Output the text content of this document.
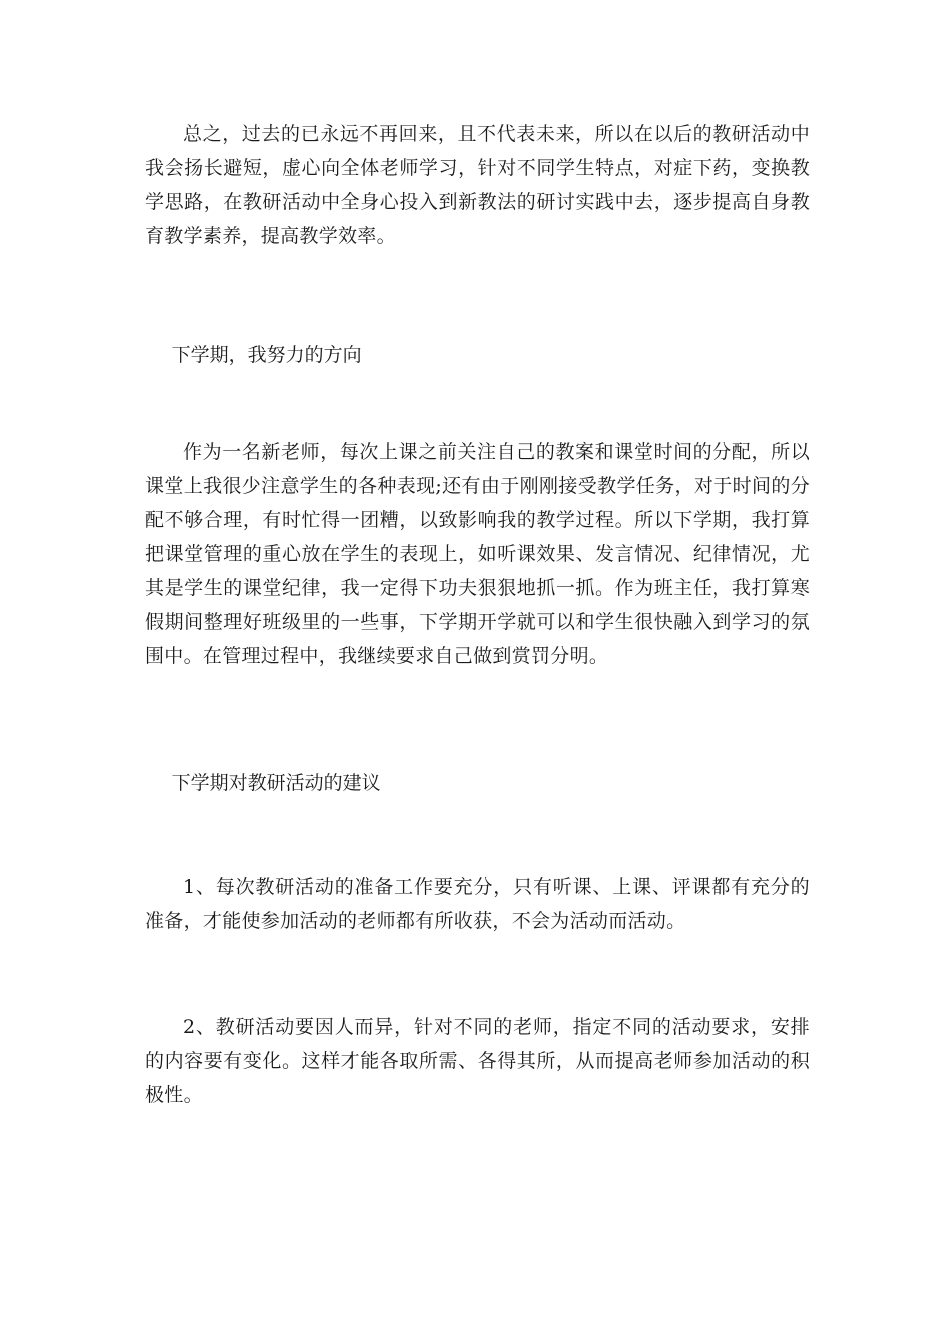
总之，过去的已永远不再回来，且不代表未来，所以在以后的教研活动中我会扬长避短，虚心向全体老师学习，针对不同学生特点，对症下药，变换教学思路，在教研活动中全身心投入到新教法的研讨实践中去，逐步提高自身教育教学素养，提高教学效率。

下学期，我努力的方向

作为一名新老师，每次上课之前关注自己的教案和课堂时间的分配，所以课堂上我很少注意学生的各种表现;还有由于刚刚接受教学任务，对于时间的分配不够合理，有时忙得一团糟，以致影响我的教学过程。所以下学期，我打算把课堂管理的重心放在学生的表现上，如听课效果、发言情况、纪律情况，尤其是学生的课堂纪律，我一定得下功夫狠狠地抓一抓。作为班主任，我打算寒假期间整理好班级里的一些事，下学期开学就可以和学生很快融入到学习的氛围中。在管理过程中，我继续要求自己做到赏罚分明。

下学期对教研活动的建议

1、每次教研活动的准备工作要充分，只有听课、上课、评课都有充分的准备，才能使参加活动的老师都有所收获，不会为活动而活动。

2、教研活动要因人而异，针对不同的老师，指定不同的活动要求，安排的内容要有变化。这样才能各取所需、各得其所，从而提高老师参加活动的积极性。
